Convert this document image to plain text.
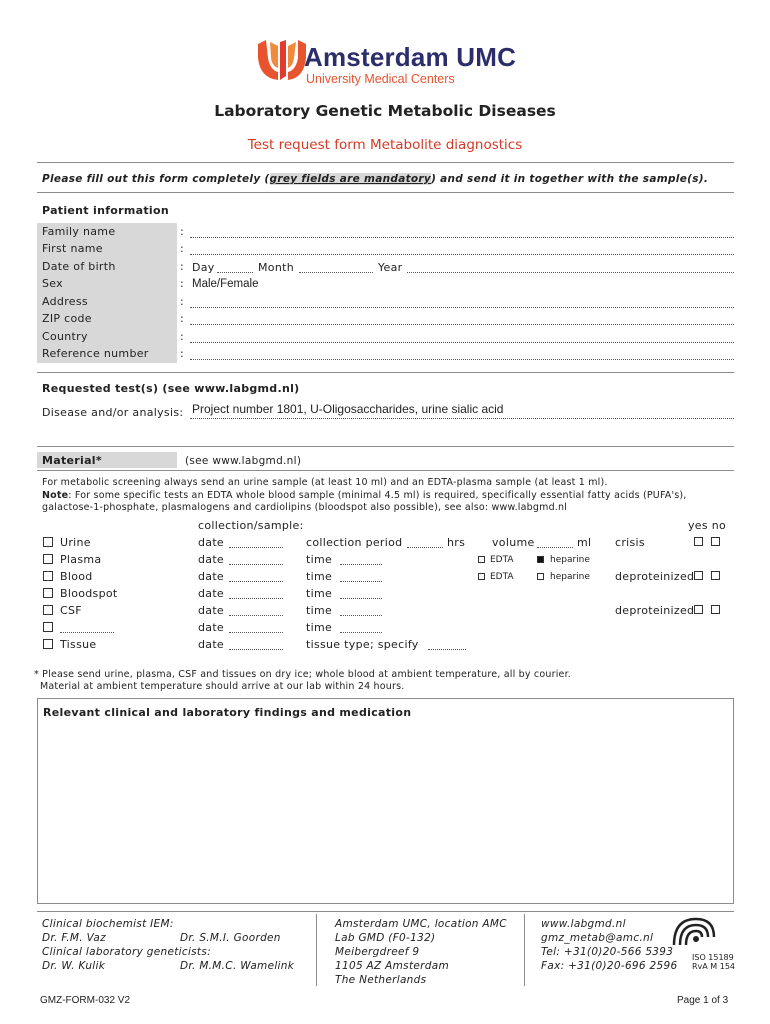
Amsterdam UMC
University Medical Centers
Laboratory Genetic Metabolic Diseases
Test request form Metabolite diagnostics
Please fill out this form completely (grey fields are mandatory) and send it in together with the sample(s).
Patient information
Family name	:
First name	:
Date of birth	: Day	Month	Year
Sex	: Male/Female
Address	:
ZIP code	:
Country	:
Reference number	:
Requested test(s) (see www.labgmd.nl)
Disease and/or analysis: Project number 1801, U-Oligosaccharides, urine sialic acid
Material*	(see www.labgmd.nl)
For metabolic screening always send an urine sample (at least 10 ml) and an EDTA-plasma sample (at least 1 ml).
Note: For some specific tests an EDTA whole blood sample (minimal 4.5 ml) is required, specifically essential fatty acids (PUFA's),
galactose-1-phosphate, plasmalogens and cardiolipins (bloodspot also possible), see also: www.labgmd.nl
collection/sample:	yes no
Urine	date	collection period	hrs volume	ml crisis
Plasma	date	time	EDTA	heparine
Blood	date	time	EDTA	heparine deproteinized
Bloodspot	date	time
CSF	date	time	deproteinized
date	time
Tissue	date	tissue type; specify
* Please send urine, plasma, CSF and tissues on dry ice; whole blood at ambient temperature, all by courier.
Material at ambient temperature should arrive at our lab within 24 hours.
Relevant clinical and laboratory findings and medication
Clinical biochemist IEM:
Dr. F.M. Vaz
Clinical laboratory geneticists:
Dr. W. Kulik
Dr. S.M.I. Goorden
Dr. M.M.C. Wamelink
Amsterdam UMC, location AMC
Lab GMD (F0-132)
Meibergdreef 9
1105 AZ Amsterdam
The Netherlands
www.labgmd.nl
gmz_metab@amc.nl
Tel: +31(0)20-566 5393
Fax: +31(0)20-696 2596
ISO 15189
RvA M 154
GMZ-FORM-032 V2	Page 1 of 3
